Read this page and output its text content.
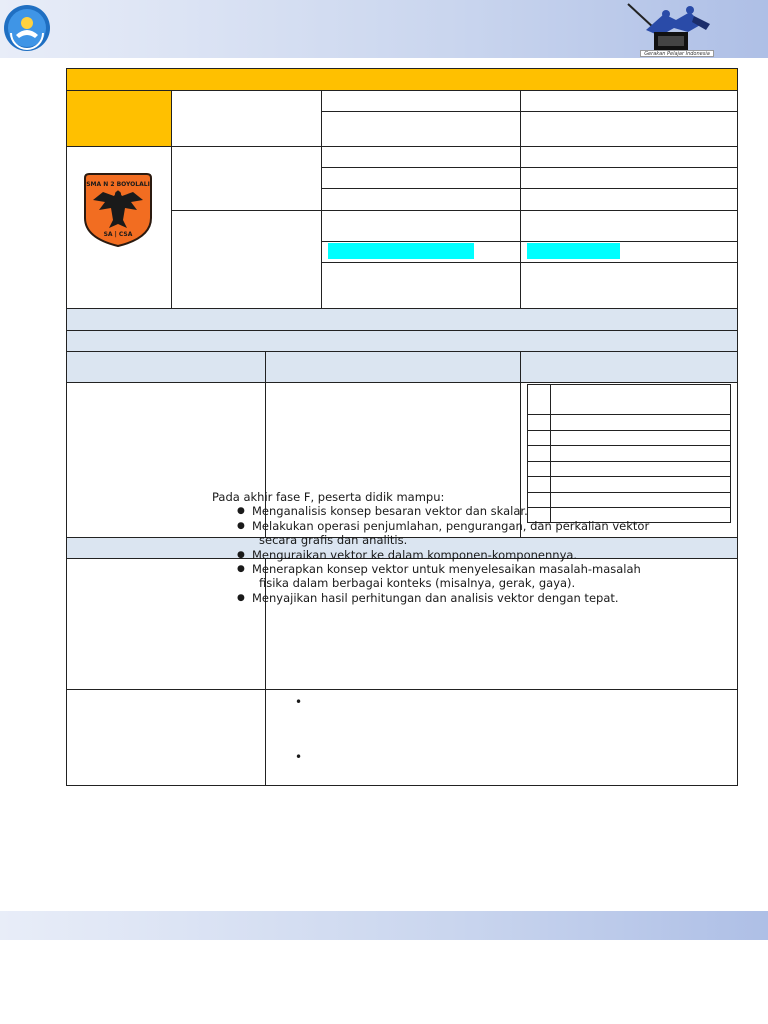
Gerakan Pelajar Indonesia
SMA N 2 BOYOLALI
SA | CSA
•
•
Pada akhir fase F, peserta didik mampu:
● Menganalisis konsep besaran vektor dan skalar.
● Melakukan operasi penjumlahan, pengurangan, dan perkalian vektor
secara grafis dan analitis.
● Menguraikan vektor ke dalam komponen-komponennya.
● Menerapkan konsep vektor untuk menyelesaikan masalah-masalah
fisika dalam berbagai konteks (misalnya, gerak, gaya).
● Menyajikan hasil perhitungan dan analisis vektor dengan tepat.
